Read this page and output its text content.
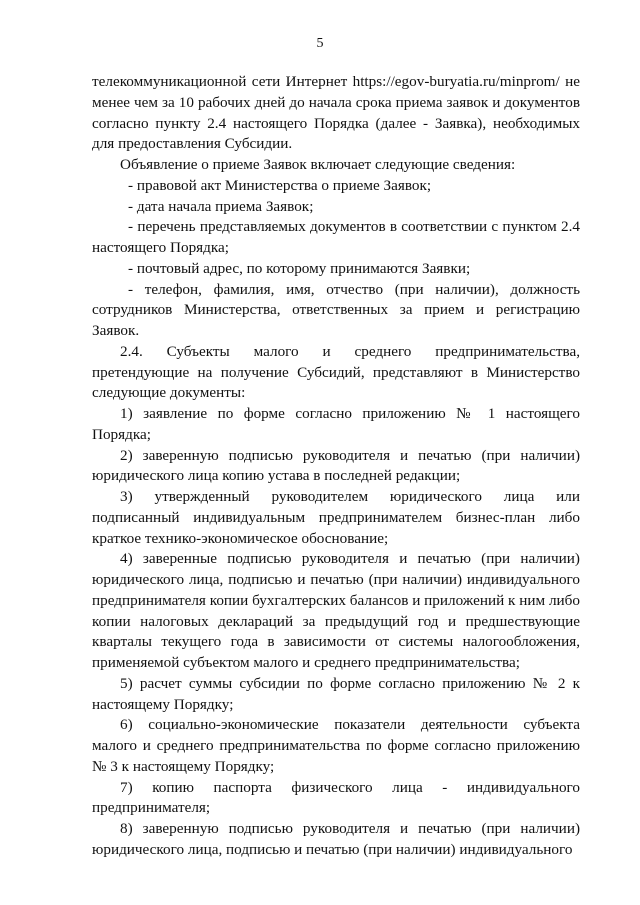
5

телекоммуникационной сети Интернет https://egov-buryatia.ru/minprom/ не менее чем за 10 рабочих дней до начала срока приема заявок и документов согласно пункту 2.4 настоящего Порядка (далее - Заявка), необходимых для предоставления Субсидии.

Объявление о приеме Заявок включает следующие сведения:

- правовой акт Министерства о приеме Заявок;

- дата начала приема Заявок;

- перечень представляемых документов в соответствии с пунктом 2.4 настоящего Порядка;

- почтовый адрес, по которому принимаются Заявки;

- телефон, фамилия, имя, отчество (при наличии), должность сотрудников Министерства, ответственных за прием и регистрацию Заявок.

2.4. Субъекты малого и среднего предпринимательства, претендующие на получение Субсидий, представляют в Министерство следующие документы:

1) заявление по форме согласно приложению № 1 настоящего Порядка;

2) заверенную подписью руководителя и печатью (при наличии) юридического лица копию устава в последней редакции;

3) утвержденный руководителем юридического лица или подписанный индивидуальным предпринимателем бизнес-план либо краткое технико-экономическое обоснование;

4) заверенные подписью руководителя и печатью (при наличии) юридического лица, подписью и печатью (при наличии) индивидуального предпринимателя копии бухгалтерских балансов и приложений к ним либо копии налоговых деклараций за предыдущий год и предшествующие кварталы текущего года в зависимости от системы налогообложения, применяемой субъектом малого и среднего предпринимательства;

5) расчет суммы субсидии по форме согласно приложению № 2 к настоящему Порядку;

6) социально-экономические показатели деятельности субъекта малого и среднего предпринимательства по форме согласно приложению № 3 к настоящему Порядку;

7) копию паспорта физического лица - индивидуального предпринимателя;

8) заверенную подписью руководителя и печатью (при наличии) юридического лица, подписью и печатью (при наличии) индивидуального
